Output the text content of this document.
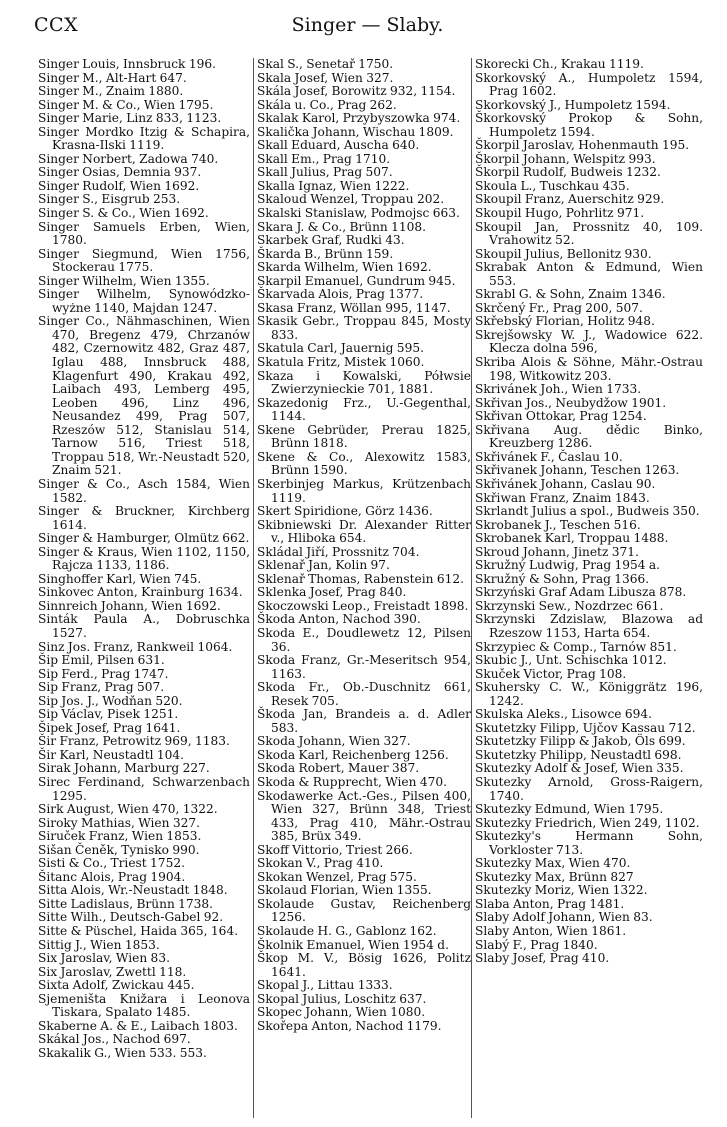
CCX	Singer — Slaby.
Singer Louis, Innsbruck 196.
Singer M., Alt-Hart 647.
Singer M., Znaim 1880.
Singer M. & Co., Wien 1795.
Singer Marie, Linz 833, 1123.
Singer Mordko Itzig & Schapira, Krasna-Ilski 1119.
Singer Norbert, Zadowa 740.
Singer Osias, Demnia 937.
Singer Rudolf, Wien 1692.
Singer S., Eisgrub 253.
Singer S. & Co., Wien 1692.
Singer Samuels Erben, Wien, 1780.
Singer Siegmund, Wien 1756, Stockerau 1775.
Singer Wilhelm, Wien 1355.
Singer Wilhelm, Synowódzko-wyżne 1140, Majdan 1247.
Singer Co., Nähmaschinen, Wien 470, Bregenz 479, Chrzanów 482, Czernowitz 482, Graz 487, Iglau 488, Innsbruck 488, Klagenfurt 490, Krakau 492, Laibach 493, Lemberg 495, Leoben 496, Linz 496, Neusandez 499, Prag 507, Rzeszów 512, Stanislau 514, Tarnow 516, Triest 518, Troppau 518, Wr.-Neustadt 520, Znaim 521.
Singer & Co., Asch 1584, Wien 1582.
Singer & Bruckner, Kirchberg 1614.
Singer & Hamburger, Olmütz 662.
Singer & Kraus, Wien 1102, 1150, Rajcza 1133, 1186.
Singhoffer Karl, Wien 745.
Sinkovec Anton, Krainburg 1634.
Sinnreich Johann, Wien 1692.
Sinták Paula A., Dobruschka 1527.
Sinz Jos. Franz, Rankweil 1064.
Šip Emil, Pilsen 631.
Sip Ferd., Prag 1747.
Sip Franz, Prag 507.
Sip Jos. J., Wodňan 520.
Sip Václav, Pisek 1251.
Šipek Josef, Prag 1641.
Šir Franz, Petrowitz 969, 1183.
Šir Karl, Neustadtl 104.
Sirak Johann, Marburg 227.
Sirec Ferdinand, Schwarzenbach 1295.
Sirk August, Wien 470, 1322.
Siroky Mathias, Wien 327.
Siruček Franz, Wien 1853.
Sišan Čeněk, Tynisko 990.
Sisti & Co., Triest 1752.
Šitanc Alois, Prag 1904.
Sitta Alois, Wr.-Neustadt 1848.
Sitte Ladislaus, Brünn 1738.
Sitte Wilh., Deutsch-Gabel 92.
Sitte & Püschel, Haida 365, 164.
Sittig J., Wien 1853.
Six Jaroslav, Wien 83.
Six Jaroslav, Zwettl 118.
Sixta Adolf, Zwickau 445.
Sjemeništa Knižara i Leonova Tiskara, Spalato 1485.
Skaberne A. & E., Laibach 1803.
Skákal Jos., Nachod 697.
Skakalik G., Wien 533. 553.
Skal S., Senetař 1750.
Skala Josef, Wien 327.
Skála Josef, Borowitz 932, 1154.
Skála u. Co., Prag 262.
Skalak Karol, Przybyszowka 974.
Skalička Johann, Wischau 1809.
Skall Eduard, Auscha 640.
Skall Em., Prag 1710.
Skall Julius, Prag 507.
Skalla Ignaz, Wien 1222.
Skaloud Wenzel, Troppau 202.
Skalski Stanislaw, Podmojsc 663.
Skara J. & Co., Brünn 1108.
Skarbek Graf, Rudki 43.
Škarda B., Brünn 159.
Skarda Wilhelm, Wien 1692.
Skarpil Emanuel, Gundrum 945.
Škarvada Alois, Prag 1377.
Skasa Franz, Wöllan 995, 1147.
Skasik Gebr., Troppau 845, Mosty 833.
Skatula Carl, Jauernig 595.
Skatula Fritz, Mistek 1060.
Skaza i Kowalski, Półwsie Zwierzynieckie 701, 1881.
Skazedonig Frz., U.-Gegenthal, 1144.
Skene Gebrüder, Prerau 1825, Brünn 1818.
Skene & Co., Alexowitz 1583, Brünn 1590.
Skerbinjeg Markus, Krützenbach 1119.
Skert Spiridione, Görz 1436.
Skibniewski Dr. Alexander Ritter v., Hliboka 654.
Skládal Jiří, Prossnitz 704.
Sklenař Jan, Kolin 97.
Sklenař Thomas, Rabenstein 612.
Sklenka Josef, Prag 840.
Skoczowski Leop., Freistadt 1898.
Škoda Anton, Nachod 390.
Skoda E., Doudlewetz 12, Pilsen 36.
Skoda Franz, Gr.-Meseritsch 954, 1163.
Skoda Fr., Ob.-Duschnitz 661, Resek 705.
Škoda Jan, Brandeis a. d. Adler 583.
Skoda Johann, Wien 327.
Skoda Karl, Reichenberg 1256.
Skoda Robert, Mauer 387.
Skoda & Rupprecht, Wien 470.
Skodawerke Act.-Ges., Pilsen 400, Wien 327, Brünn 348, Triest 433, Prag 410, Mähr.-Ostrau 385, Brüx 349.
Skoff Vittorio, Triest 266.
Skokan V., Prag 410.
Skokan Wenzel, Prag 575.
Skolaud Florian, Wien 1355.
Skolaude Gustav, Reichenberg 1256.
Skolaude H. G., Gablonz 162.
Školnik Emanuel, Wien 1954 d.
Škop M. V., Bösig 1626, Politz 1641.
Skopal J., Littau 1333.
Skopal Julius, Loschitz 637.
Skopec Johann, Wien 1080.
Skořepa Anton, Nachod 1179.
Skorecki Ch., Krakau 1119.
Skorkovský A., Humpoletz 1594, Prag 1602.
Skorkovský J., Humpoletz 1594.
Škorkovský Prokop & Sohn, Humpoletz 1594.
Škorpil Jaroslav, Hohenmauth 195.
Škorpil Johann, Welspitz 993.
Škorpil Rudolf, Budweis 1232.
Skoula L., Tuschkau 435.
Skoupil Franz, Auerschitz 929.
Skoupil Hugo, Pohrlitz 971.
Skoupil Jan, Prossnitz 40, 109. Vrahowitz 52.
Skoupil Julius, Bellonitz 930.
Skrabak Anton & Edmund, Wien 553.
Skrabl G. & Sohn, Znaim 1346.
Skrčený Fr., Prag 200, 507.
Skřebský Florian, Holitz 948.
Skrejšowsky W. J., Wadowice 622. Klecza dolna 596,
Skriba Alois & Söhne, Mähr.-Ostrau 198, Witkowitz 203.
Skrivánek Joh., Wien 1733.
Skřivan Jos., Neubydžow 1901.
Skřivan Ottokar, Prag 1254.
Skřivana Aug. dědic Binko, Kreuzberg 1286.
Skřivánek F., Časlau 10.
Skřivanek Johann, Teschen 1263.
Skřivánek Johann, Caslau 90.
Skřiwan Franz, Znaim 1843.
Skrlandt Julius a spol., Budweis 350.
Skrobanek J., Teschen 516.
Skrobanek Karl, Troppau 1488.
Skroud Johann, Jinetz 371.
Skružný Ludwig, Prag 1954 a.
Skružný & Sohn, Prag 1366.
Skrzyński Graf Adam Libusza 878.
Skrzynski Sew., Nozdrzec 661.
Skrzynski Zdzislaw, Blazowa ad Rzeszow 1153, Harta 654.
Skrzypiec & Comp., Tarnów 851.
Skubic J., Unt. Schischka 1012.
Skuček Victor, Prag 108.
Skuhersky C. W., Königgrätz 196, 1242.
Skulska Aleks., Lisowce 694.
Skutetzky Filipp, Ujčov Kassau 712.
Skutetzky Filipp & Jakob, Öls 699.
Skutetzky Philipp, Neustadtl 698.
Skutezky Adolf & Josef, Wien 335.
Skutezky Arnold, Gross-Raigern, 1740.
Skutezky Edmund, Wien 1795.
Skutezky Friedrich, Wien 249, 1102.
Skutezky's Hermann Sohn, Vorkloster 713.
Skutezky Max, Wien 470.
Skutezky Max, Brünn 827
Skutezky Moriz, Wien 1322.
Slaba Anton, Prag 1481.
Slaby Adolf Johann, Wien 83.
Slaby Anton, Wien 1861.
Slabý F., Prag 1840.
Slaby Josef, Prag 410.
